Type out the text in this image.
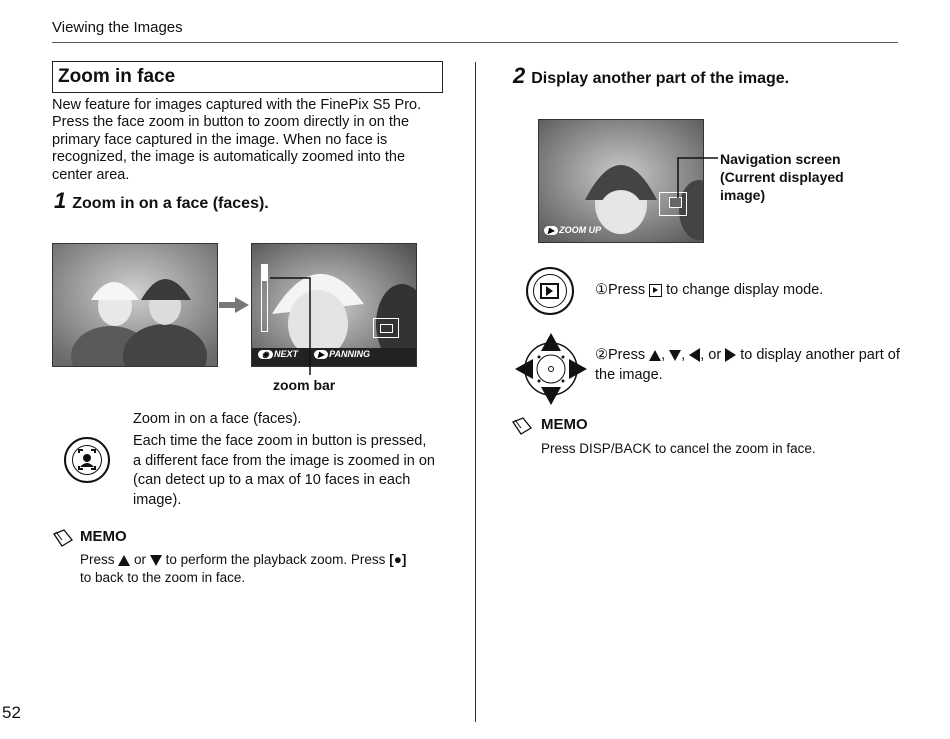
Viewing the Images
Zoom in face
New feature for images captured with the FinePix S5 Pro. Press the face zoom in button to zoom directly in on the primary face captured in the image. When no face is recognized, the image is automatically zoomed into the center area.
1 Zoom in on a face (faces).
◉ NEXT	▶ PANNING
zoom bar
Zoom in on a face (faces).
Each time the face zoom in button is pressed, a different face from the image is zoomed in on (can detect up to a max of 10 faces in each image).
MEMO
Press or to perform the playback zoom. Press [●]
to back to the zoom in face.
52
2 Display another part of the image.
▶ ZOOM UP
Navigation screen (Current displayed image)
①Press to change display mode.
②Press , , , or to display another part of the image.
MEMO
Press DISP/BACK to cancel the zoom in face.
